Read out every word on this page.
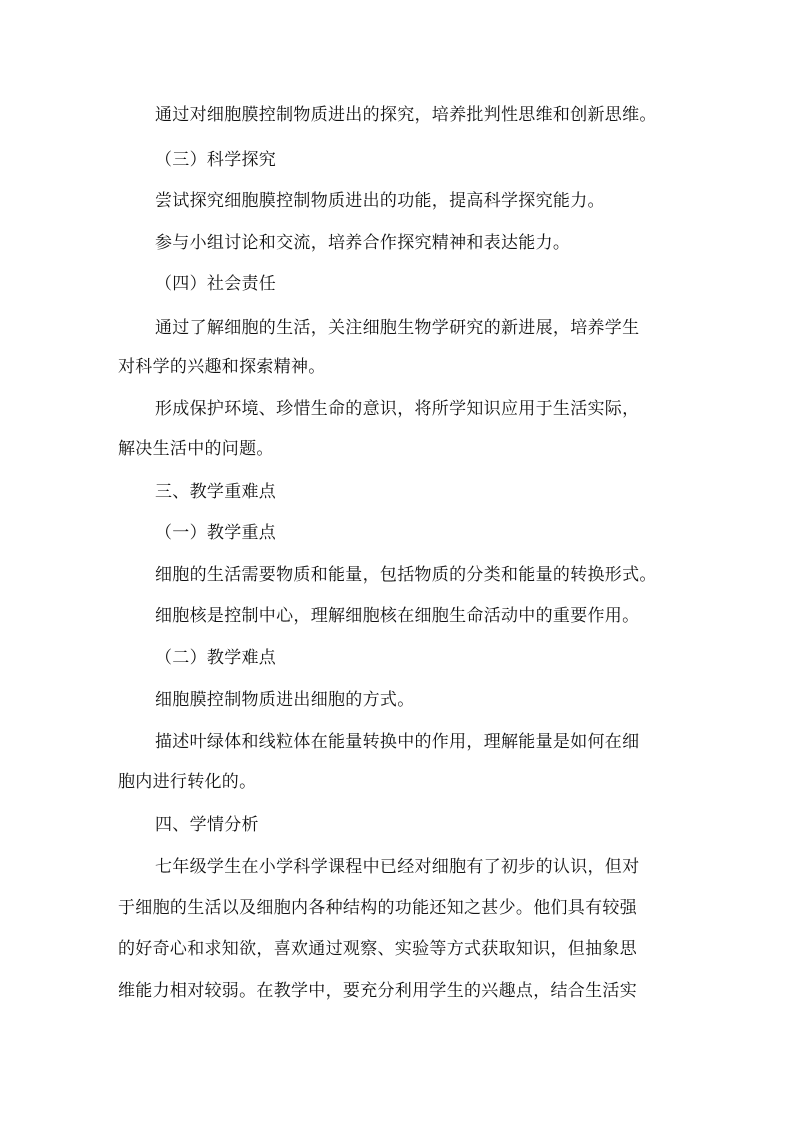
通过对细胞膜控制物质进出的探究，培养批判性思维和创新思维。
（三）科学探究
尝试探究细胞膜控制物质进出的功能，提高科学探究能力。
参与小组讨论和交流，培养合作探究精神和表达能力。
（四）社会责任
通过了解细胞的生活，关注细胞生物学研究的新进展，培养学生
对科学的兴趣和探索精神。
形成保护环境、珍惜生命的意识，将所学知识应用于生活实际，
解决生活中的问题。
三、教学重难点
（一）教学重点
细胞的生活需要物质和能量，包括物质的分类和能量的转换形式。
细胞核是控制中心，理解细胞核在细胞生命活动中的重要作用。
（二）教学难点
细胞膜控制物质进出细胞的方式。
描述叶绿体和线粒体在能量转换中的作用，理解能量是如何在细
胞内进行转化的。
四、学情分析
七年级学生在小学科学课程中已经对细胞有了初步的认识，但对
于细胞的生活以及细胞内各种结构的功能还知之甚少。他们具有较强
的好奇心和求知欲，喜欢通过观察、实验等方式获取知识，但抽象思
维能力相对较弱。在教学中，要充分利用学生的兴趣点，结合生活实
